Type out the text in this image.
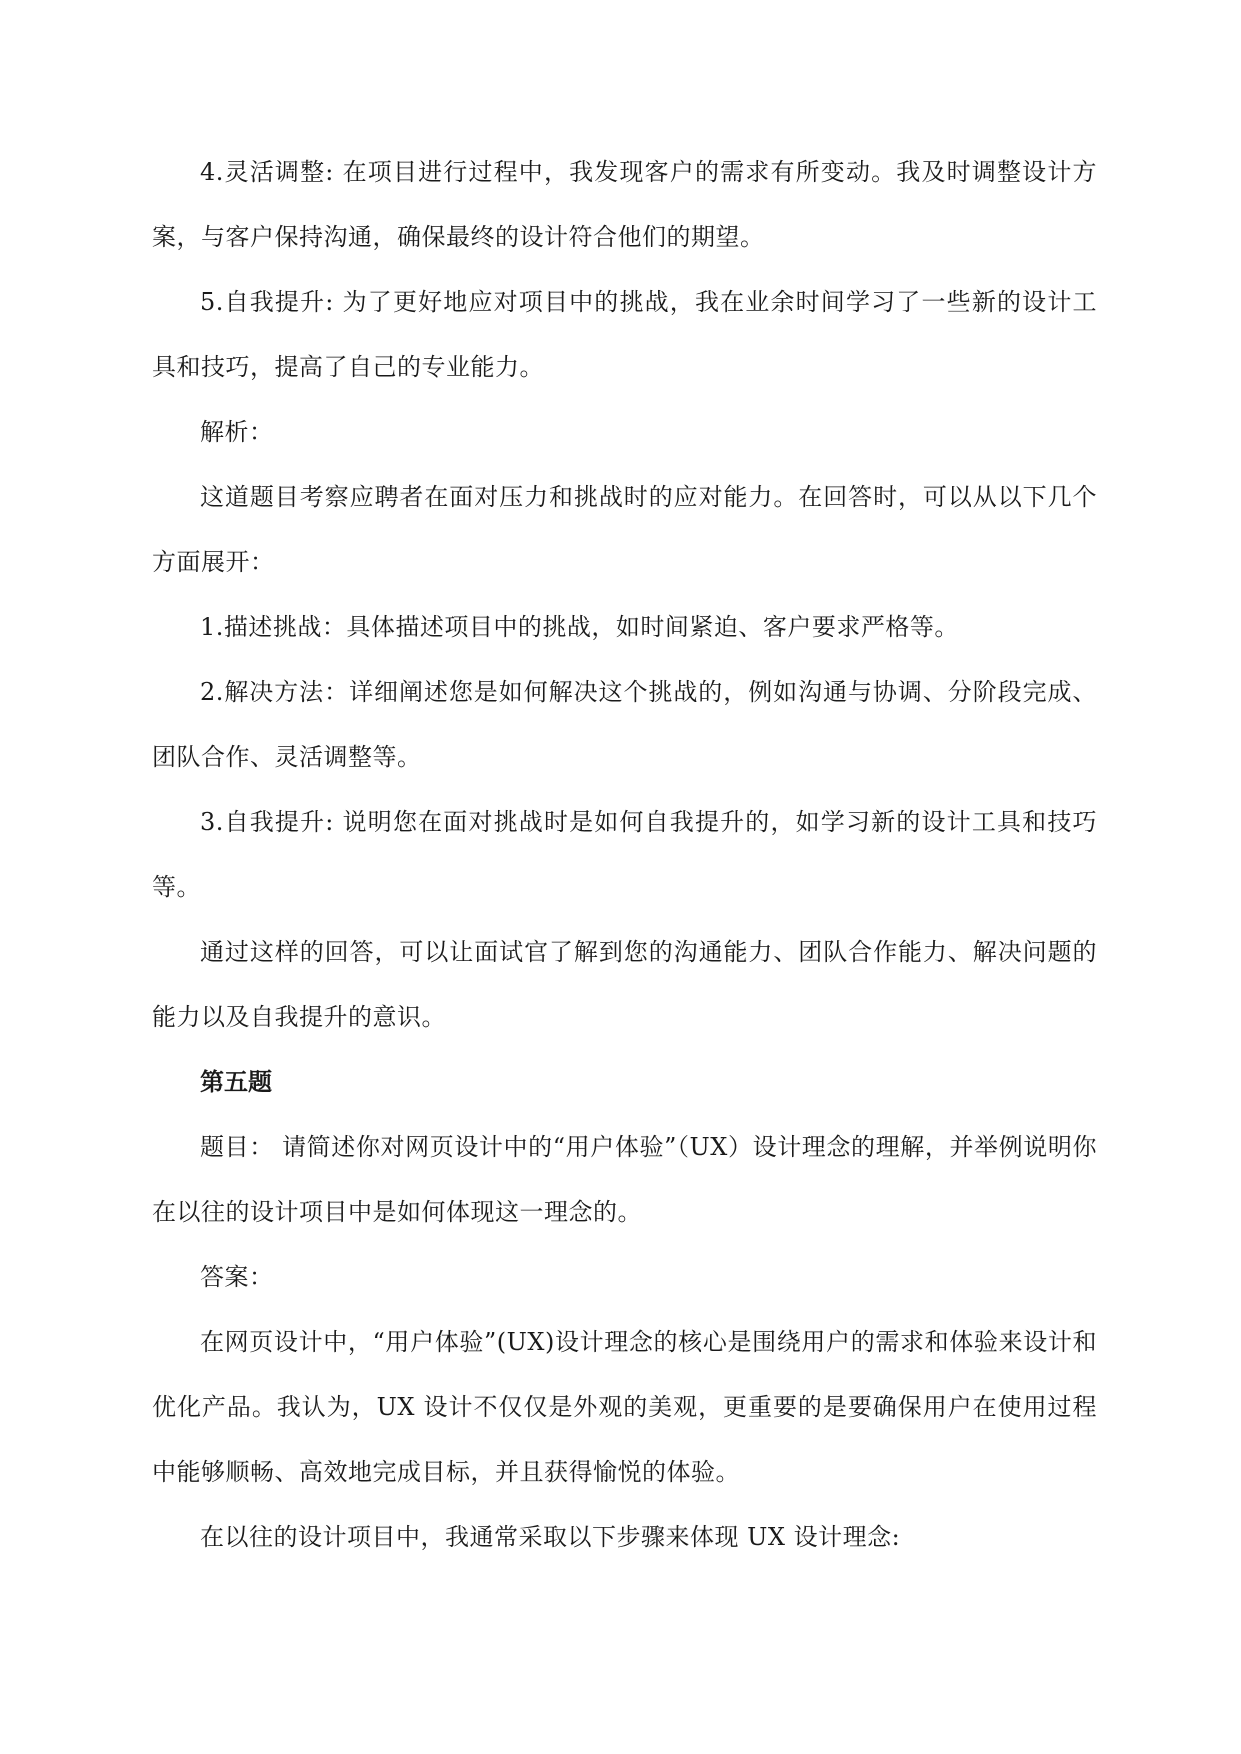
4.灵活调整: 在项目进行过程中，我发现客户的需求有所变动。我及时调整设计方案，与客户保持沟通，确保最终的设计符合他们的期望。

5.自我提升: 为了更好地应对项目中的挑战，我在业余时间学习了一些新的设计工具和技巧，提高了自己的专业能力。

解析：

这道题目考察应聘者在面对压力和挑战时的应对能力。在回答时，可以从以下几个方面展开：

1.描述挑战：具体描述项目中的挑战，如时间紧迫、客户要求严格等。

2.解决方法：详细阐述您是如何解决这个挑战的，例如沟通与协调、分阶段完成、团队合作、灵活调整等。

3.自我提升: 说明您在面对挑战时是如何自我提升的，如学习新的设计工具和技巧等。

通过这样的回答，可以让面试官了解到您的沟通能力、团队合作能力、解决问题的能力以及自我提升的意识。

第五题

题目： 请简述你对网页设计中的“用户体验”（UX）设计理念的理解，并举例说明你在以往的设计项目中是如何体现这一理念的。

答案：

在网页设计中，“用户体验”(UX)设计理念的核心是围绕用户的需求和体验来设计和优化产品。我认为，UX 设计不仅仅是外观的美观，更重要的是要确保用户在使用过程中能够顺畅、高效地完成目标，并且获得愉悦的体验。

在以往的设计项目中，我通常采取以下步骤来体现 UX 设计理念:
